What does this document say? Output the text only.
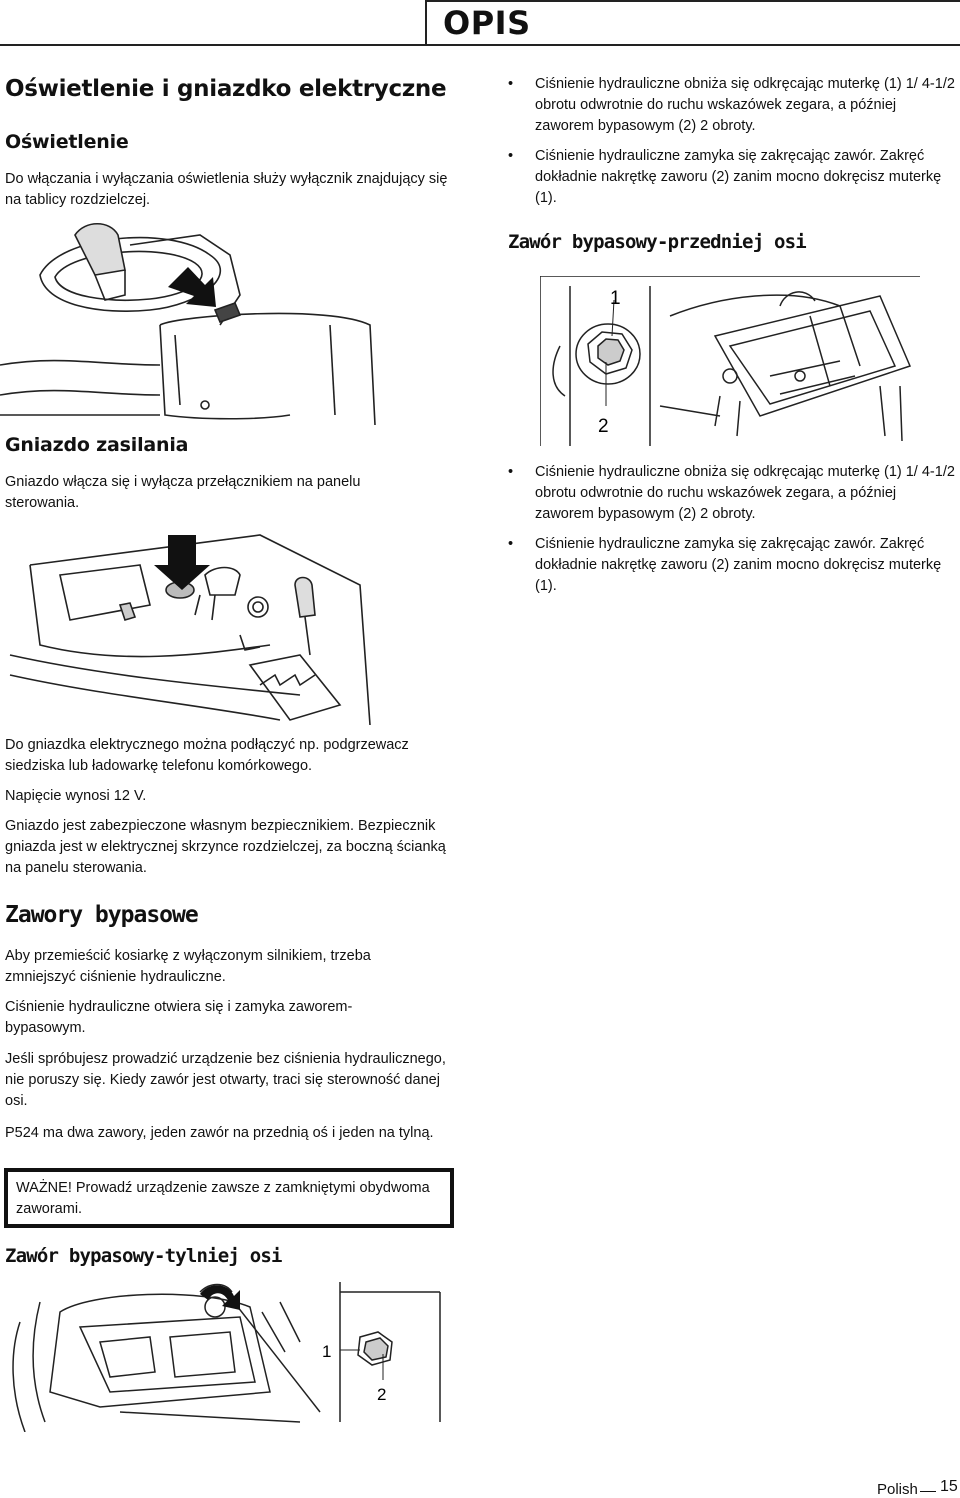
OPIS
Oświetlenie i gniazdko elektryczne
Oświetlenie

Do włączania i wyłączania oświetlenia służy wyłącznik znajdujący się na tablicy rozdzielczej.

Gniazdo zasilania

Gniazdo włącza się i wyłącza przełącznikiem na panelu sterowania.

Do gniazdka elektrycznego można podłączyć np. podgrzewacz siedziska lub ładowarkę telefonu komórkowego.

Napięcie wynosi 12 V.

Gniazdo jest zabezpieczone własnym bezpiecznikiem. Bezpiecznik gniazda jest w elektrycznej skrzynce rozdzielczej, za boczną ścianką na panelu sterowania.

Zawory bypasowe

Aby przemieścić kosiarkę z wyłączonym silnikiem, trzeba zmniejszyć ciśnienie hydrauliczne.

Ciśnienie hydrauliczne otwiera się i zamyka zaworem-bypasowym.

Jeśli spróbujesz prowadzić urządzenie bez ciśnienia hydraulicznego, nie poruszy się. Kiedy zawór jest otwarty, traci się sterowność danej osi.

P524 ma dwa zawory, jeden zawór na przednią oś i jeden na tylną.

WAŻNE! Prowadź urządzenie zawsze z zamkniętymi obydwoma zaworami.

Zawór bypasowy-tylniej osi
1
2
• Ciśnienie hydrauliczne obniża się odkręcając muterkę (1) 1/ 4-1/2 obrotu odwrotnie do ruchu wskazówek zegara, a później zaworem bypasowym (2) 2 obroty.
• Ciśnienie hydrauliczne zamyka się zakręcając zawór. Zakręć dokładnie nakrętkę zaworu (2) zanim mocno dokręcisz muterkę (1).
Zawór bypasowy-przedniej osi
1
2
• Ciśnienie hydrauliczne obniża się odkręcając muterkę (1) 1/ 4-1/2 obrotu odwrotnie do ruchu wskazówek zegara, a później zaworem bypasowym (2) 2 obroty.
• Ciśnienie hydrauliczne zamyka się zakręcając zawór. Zakręć dokładnie nakrętkę zaworu (2) zanim mocno dokręcisz muterkę (1).
Polish 15
